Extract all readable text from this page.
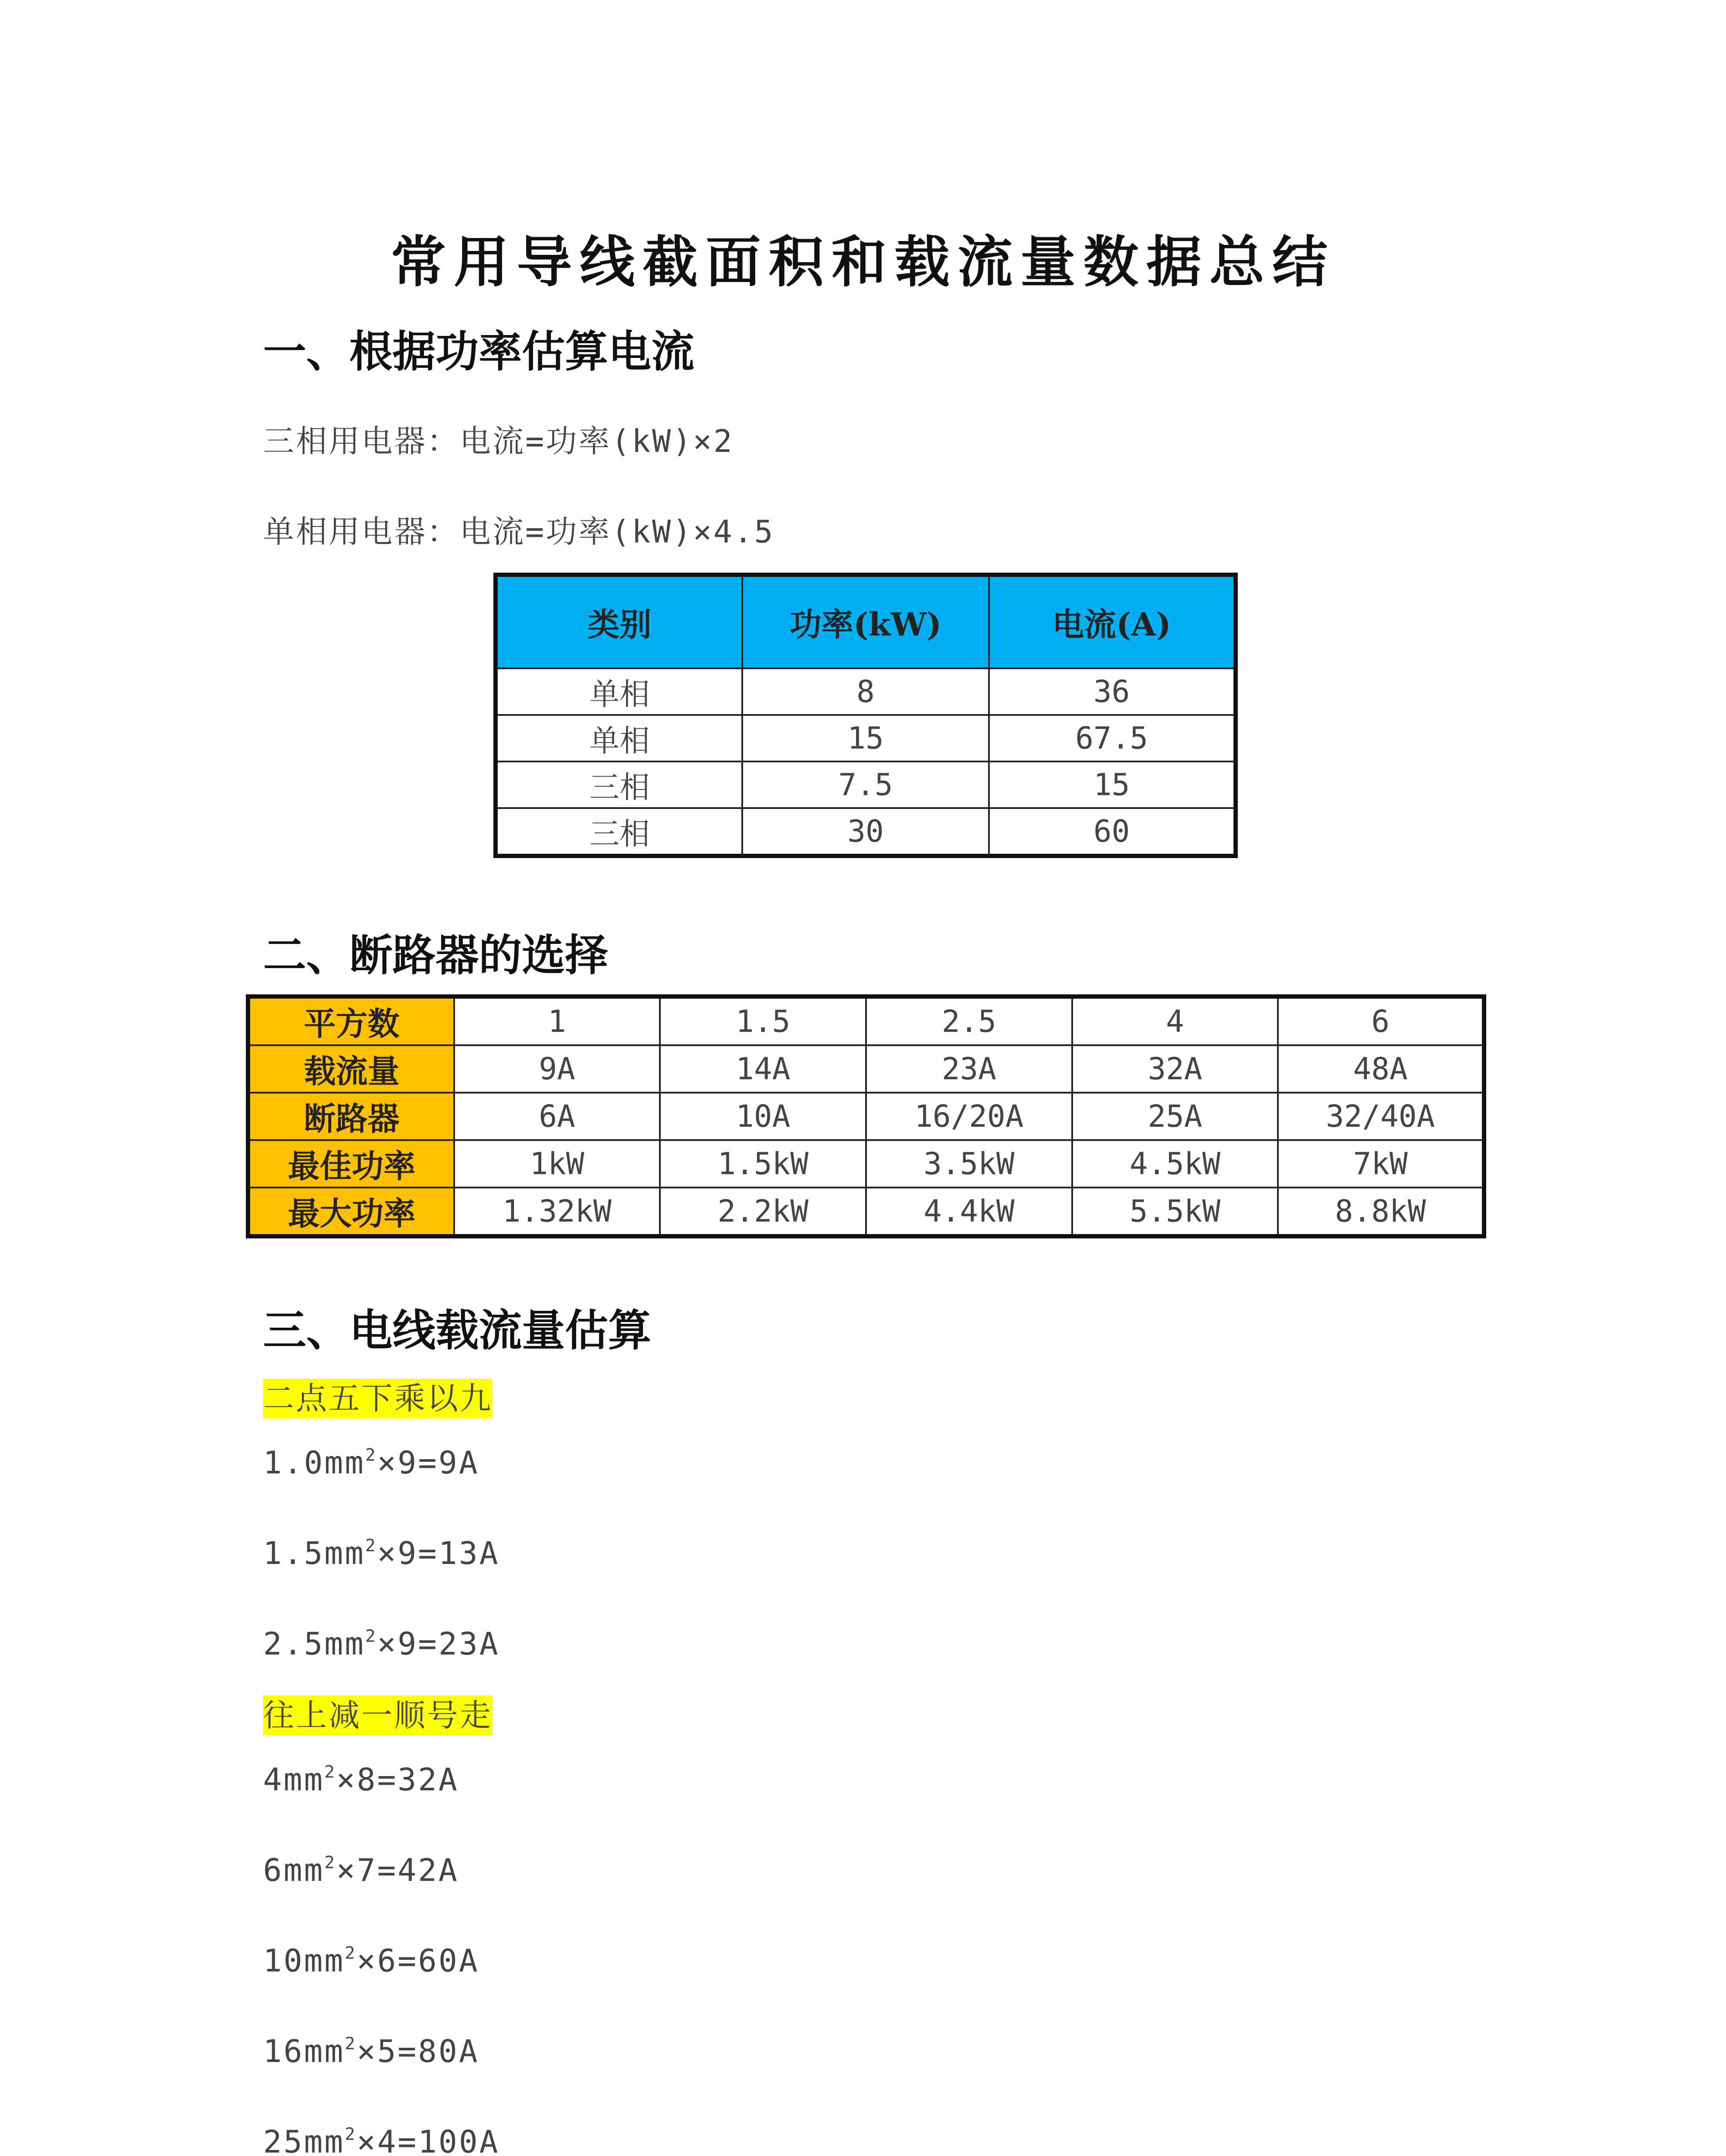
常用导线截面积和载流量数据总结
一、根据功率估算电流
三相用电器：电流=功率(kW)×2
单相用电器：电流=功率(kW)×4.5
类别	功率(kW)	电流(A)
单相	8	36
单相	15	67.5
三相	7.5	15
三相	30	60
二、断路器的选择
平方数	1	1.5	2.5	4	6
载流量	9A	14A	23A	32A	48A
断路器	6A	10A	16/20A	25A	32/40A
最佳功率	1kW	1.5kW	3.5kW	4.5kW	7kW
最大功率	1.32kW	2.2kW	4.4kW	5.5kW	8.8kW
三、电线载流量估算
二点五下乘以九
$1.0mm^2\times 9=9A$
$1.5mm^2\times 9=13A$
$2.5mm^2\times 9=23A$
往上减一顺号走
$4mm^2\times 8=32A$
$6mm^2\times 7=42A$
$10mm^2\times 6=60A$
$16mm^2\times 5=80A$
$25mm^2\times 4=100A$
